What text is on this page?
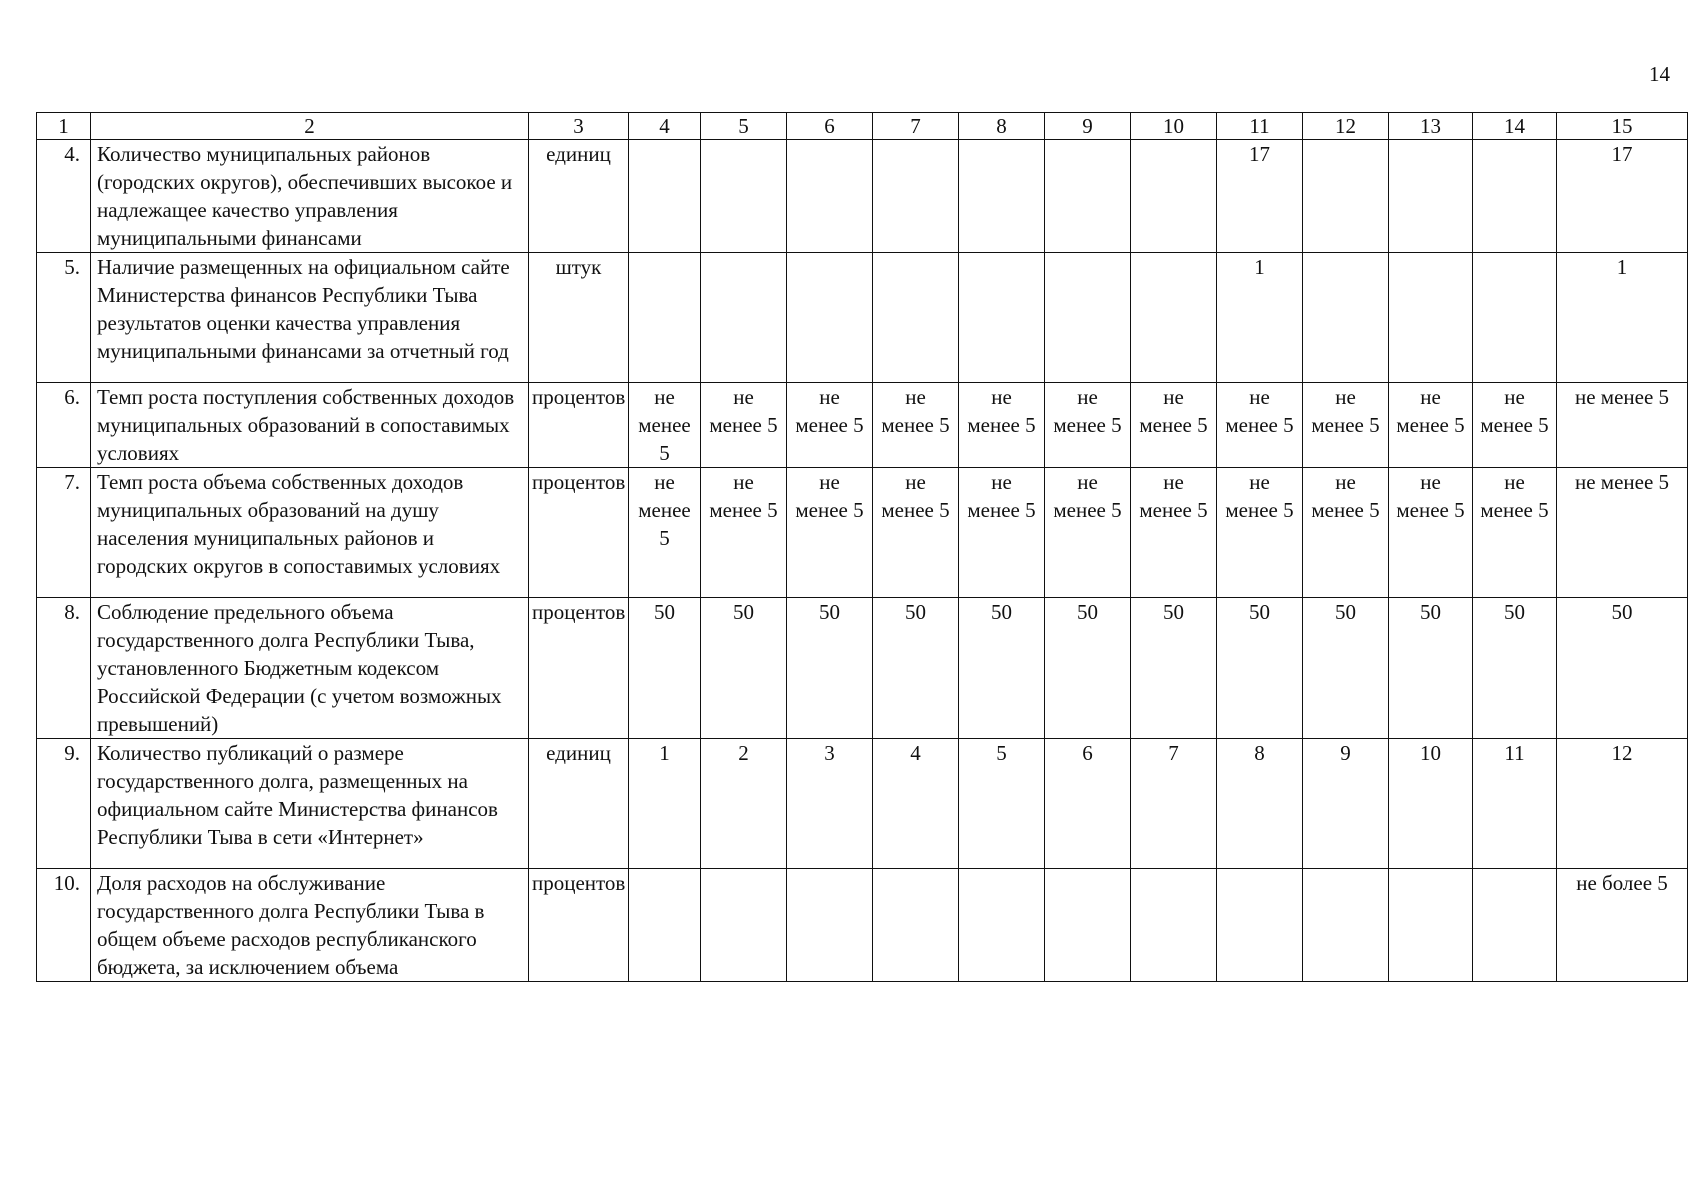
14
1	2	3	4	5	6	7	8	9	10	11	12	13	14	15
4.	Количество муниципальных районов (городских округов), обеспечивших высокое и надлежащее качество управления муниципальными финансами	единиц								17				17
5.	Наличие размещенных на официальном сайте Министерства финансов Республики Тыва результатов оценки качества управления муниципальными финансами за отчетный год	штук								1				1
6.	Темп роста поступления собственных доходов муниципальных образований в сопоставимых условиях	процентов	не менее 5	не менее 5	не менее 5	не менее 5	не менее 5	не менее 5	не менее 5	не менее 5	не менее 5	не менее 5	не менее 5	не менее 5
7.	Темп роста объема собственных доходов муниципальных образований на душу населения муниципальных районов и городских округов в сопоставимых условиях	процентов	не менее 5	не менее 5	не менее 5	не менее 5	не менее 5	не менее 5	не менее 5	не менее 5	не менее 5	не менее 5	не менее 5	не менее 5
8.	Соблюдение предельного объема государственного долга Республики Тыва, установленного Бюджетным кодексом Российской Федерации (с учетом возможных превышений)	процентов	50	50	50	50	50	50	50	50	50	50	50	50
9.	Количество публикаций о размере государственного долга, размещенных на официальном сайте Министерства финансов Республики Тыва в сети «Интернет»	единиц	1	2	3	4	5	6	7	8	9	10	11	12
10.	Доля расходов на обслуживание государственного долга Республики Тыва в общем объеме расходов республиканского бюджета, за исключением объема	процентов												не более 5
